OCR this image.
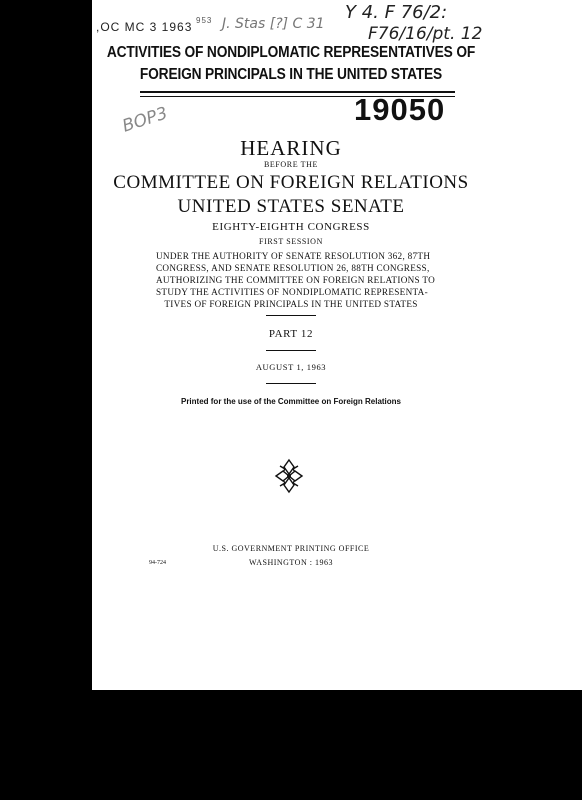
,OC MC 3 1963 953 J. Stas [?] C 31
Y 4. F 76/2:
F76/16/pt. 12
ACTIVITIES OF NONDIPLOMATIC REPRESENTATIVES OF
FOREIGN PRINCIPALS IN THE UNITED STATES
19050
BOP3
HEARING
BEFORE THE
COMMITTEE ON FOREIGN RELATIONS
UNITED STATES SENATE
EIGHTY-EIGHTH CONGRESS
FIRST SESSION
UNDER THE AUTHORITY OF SENATE RESOLUTION 362, 87TH
CONGRESS, AND SENATE RESOLUTION 26, 88TH CONGRESS,
AUTHORIZING THE COMMITTEE ON FOREIGN RELATIONS TO
STUDY THE ACTIVITIES OF NONDIPLOMATIC REPRESENTA-
TIVES OF FOREIGN PRINCIPALS IN THE UNITED STATES
PART 12
AUGUST 1, 1963
Printed for the use of the Committee on Foreign Relations
U.S. GOVERNMENT PRINTING OFFICE
94-724	WASHINGTON : 1963
